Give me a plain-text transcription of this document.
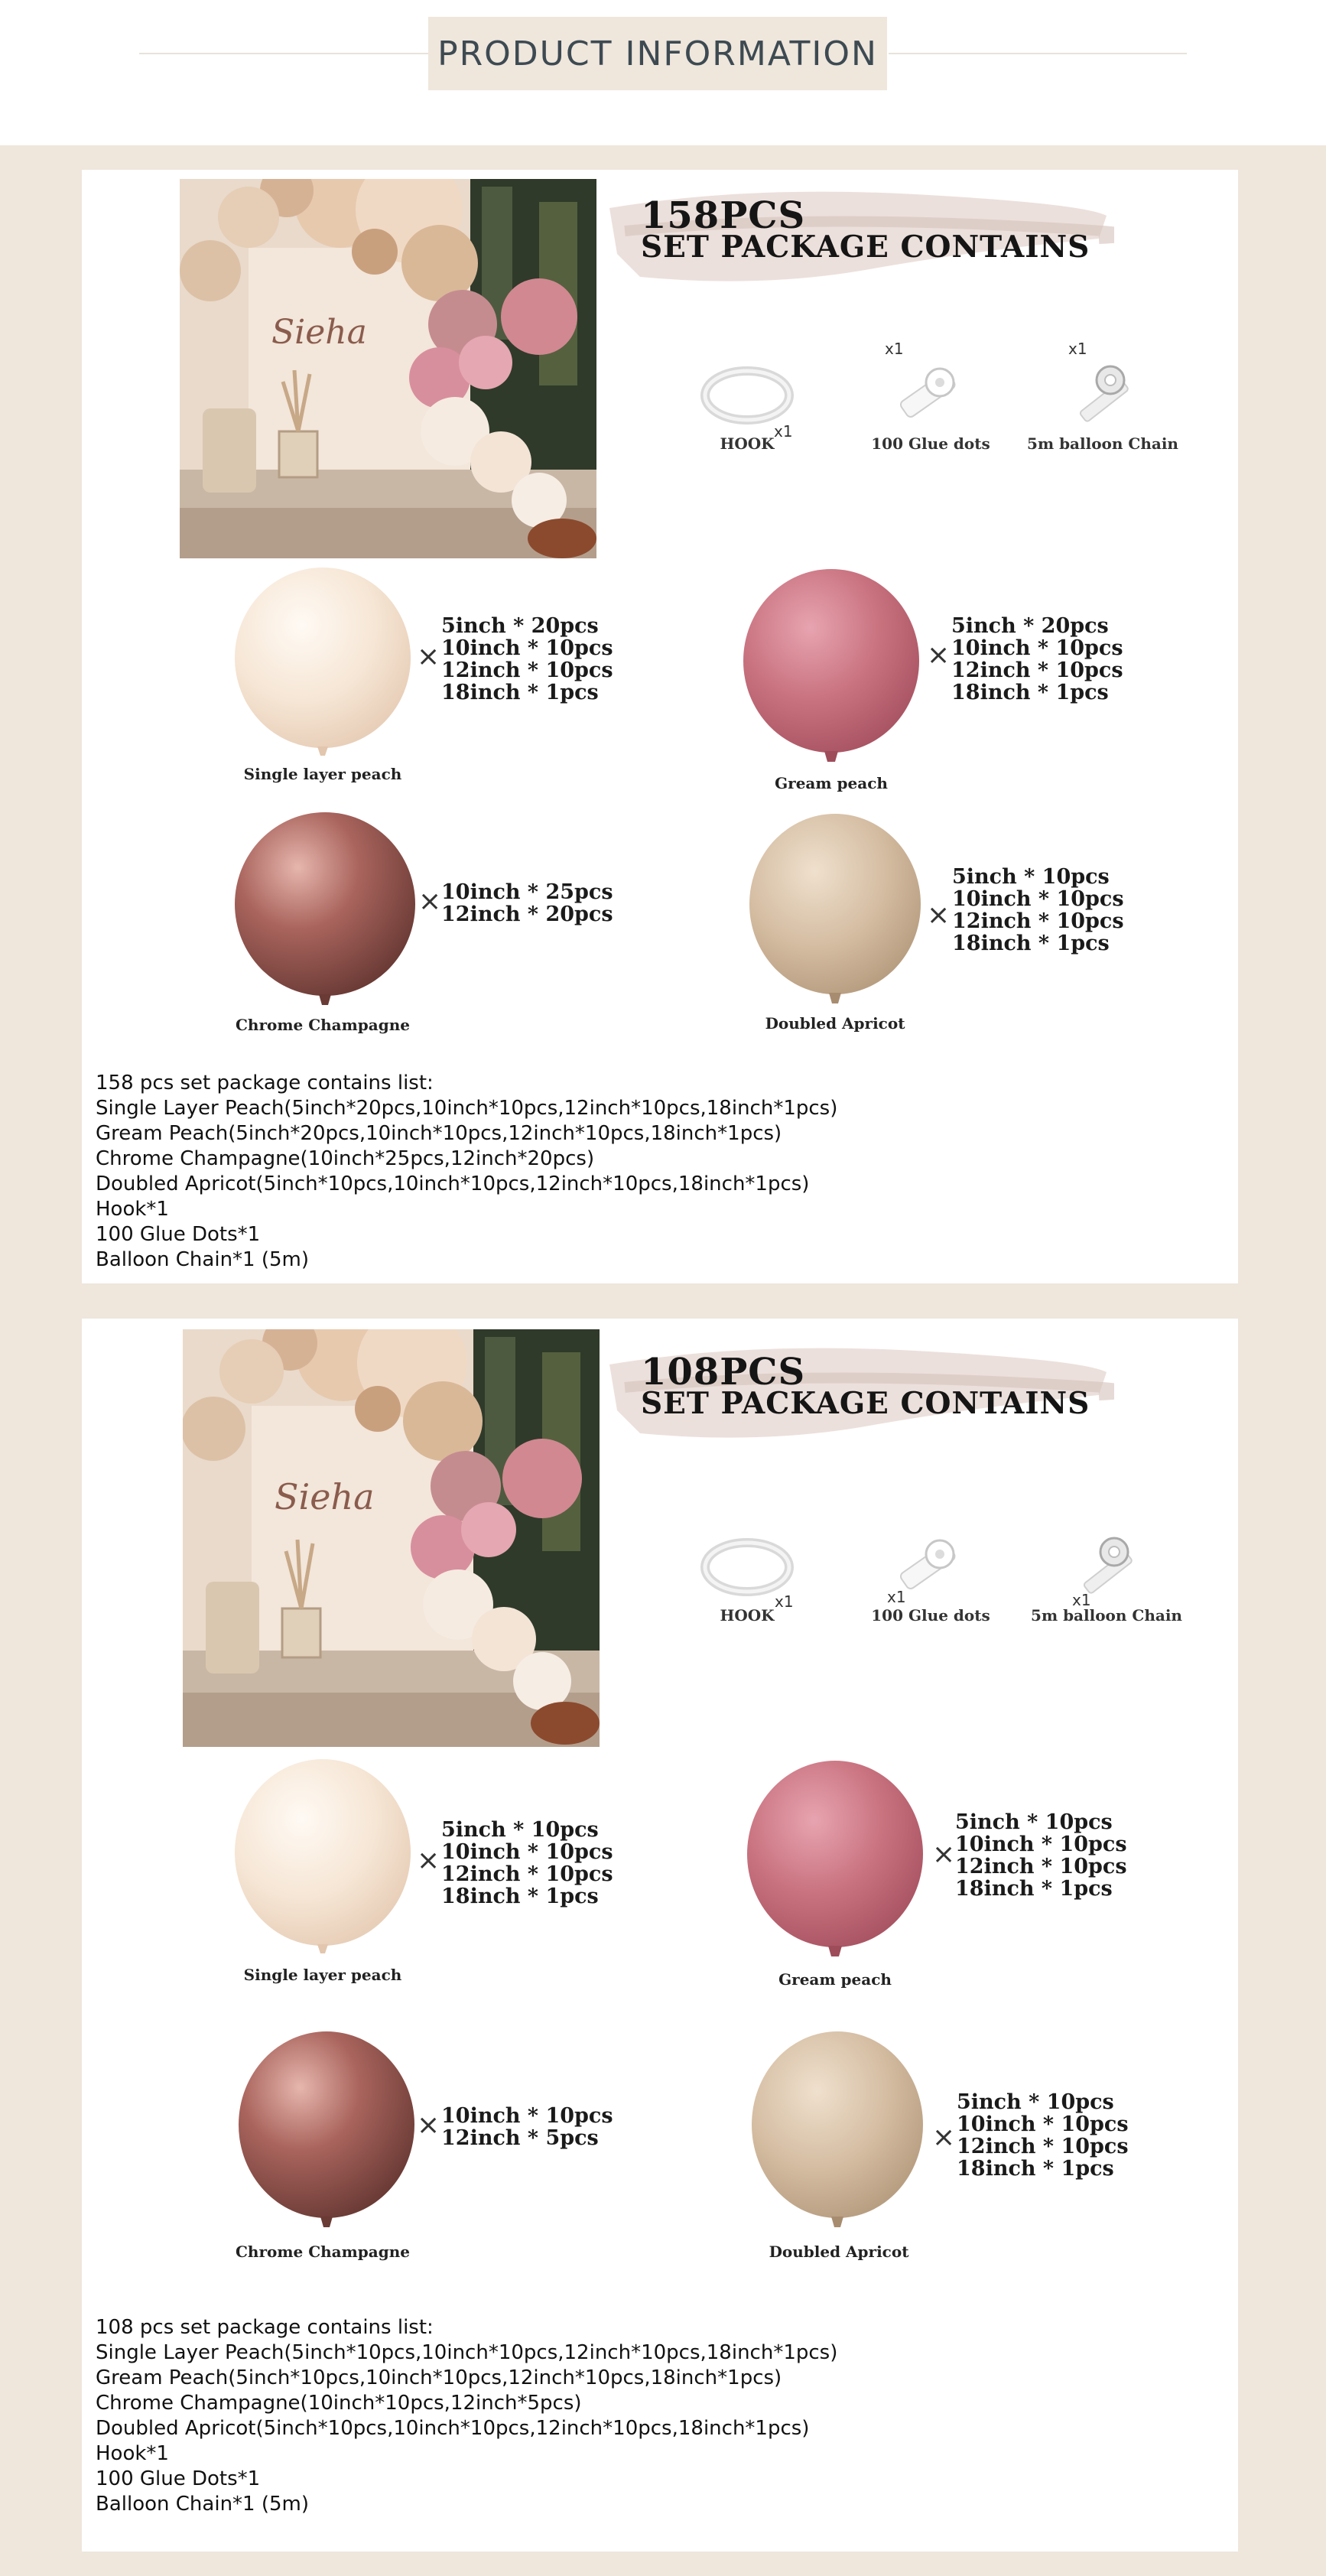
PRODUCT INFORMATION
Sieha
158PCS
SET PACKAGE CONTAINS
HOOK
x1
100 Glue dots
x1
5m balloon Chain
x1
Single layer peach
×
5inch * 20pcs
10inch * 10pcs
12inch * 10pcs
18inch * 1pcs
Gream peach
×
5inch * 20pcs
10inch * 10pcs
12inch * 10pcs
18inch * 1pcs
Chrome Champagne
× 10inch * 25pcs
12inch * 20pcs
Doubled Apricot
×
5inch * 10pcs
10inch * 10pcs
12inch * 10pcs
18inch * 1pcs

158 pcs set package contains list:

Single Layer Peach(5inch*20pcs,10inch*10pcs,12inch*10pcs,18inch*1pcs)

Gream Peach(5inch*20pcs,10inch*10pcs,12inch*10pcs,18inch*1pcs)

Chrome Champagne(10inch*25pcs,12inch*20pcs)

Doubled Apricot(5inch*10pcs,10inch*10pcs,12inch*10pcs,18inch*1pcs)

Hook*1

100 Glue Dots*1

Balloon Chain*1 (5m)

Sieha
108PCS
SET PACKAGE CONTAINS
HOOK
x1
100 Glue dots
x1
5m balloon Chain
x1
Single layer peach
×
5inch * 10pcs
10inch * 10pcs
12inch * 10pcs
18inch * 1pcs
Gream peach
×
5inch * 10pcs
10inch * 10pcs
12inch * 10pcs
18inch * 1pcs
Chrome Champagne
× 10inch * 10pcs
12inch * 5pcs
Doubled Apricot
×
5inch * 10pcs
10inch * 10pcs
12inch * 10pcs
18inch * 1pcs

108 pcs set package contains list:

Single Layer Peach(5inch*10pcs,10inch*10pcs,12inch*10pcs,18inch*1pcs)

Gream Peach(5inch*10pcs,10inch*10pcs,12inch*10pcs,18inch*1pcs)

Chrome Champagne(10inch*10pcs,12inch*5pcs)

Doubled Apricot(5inch*10pcs,10inch*10pcs,12inch*10pcs,18inch*1pcs)

Hook*1

100 Glue Dots*1

Balloon Chain*1 (5m)
